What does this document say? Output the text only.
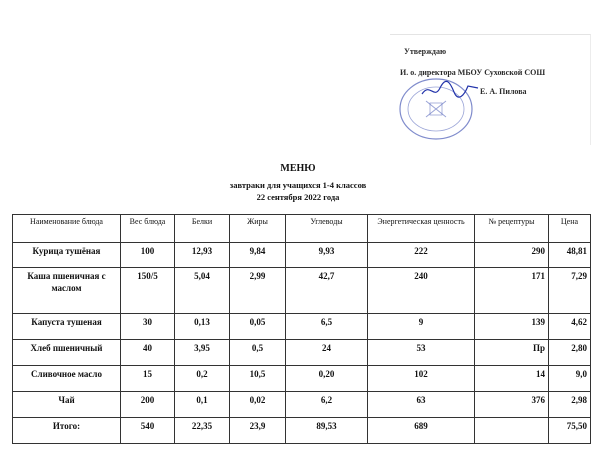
Утверждаю
И. о. директора МБОУ Суховской СОШ
Е. А. Пилова
МЕНЮ
завтраки для учащихся 1-4 классов
22 сентября 2022 года
Наименование блюда	Вес блюда	Белки	Жиры	Углеводы	Энергетическая ценность	№ рецептуры	Цена
Курица тушёная	100	12,93	9,84	9,93	222	290	48,81
Каша пшеничная с маслом	150/5	5,04	2,99	42,7	240	171	7,29
Капуста тушеная	30	0,13	0,05	6,5	9	139	4,62
Хлеб пшеничный	40	3,95	0,5	24	53	Пр	2,80
Сливочное масло	15	0,2	10,5	0,20	102	14	9,0
Чай	200	0,1	0,02	6,2	63	376	2,98
Итого:	540	22,35	23,9	89,53	689		75,50
